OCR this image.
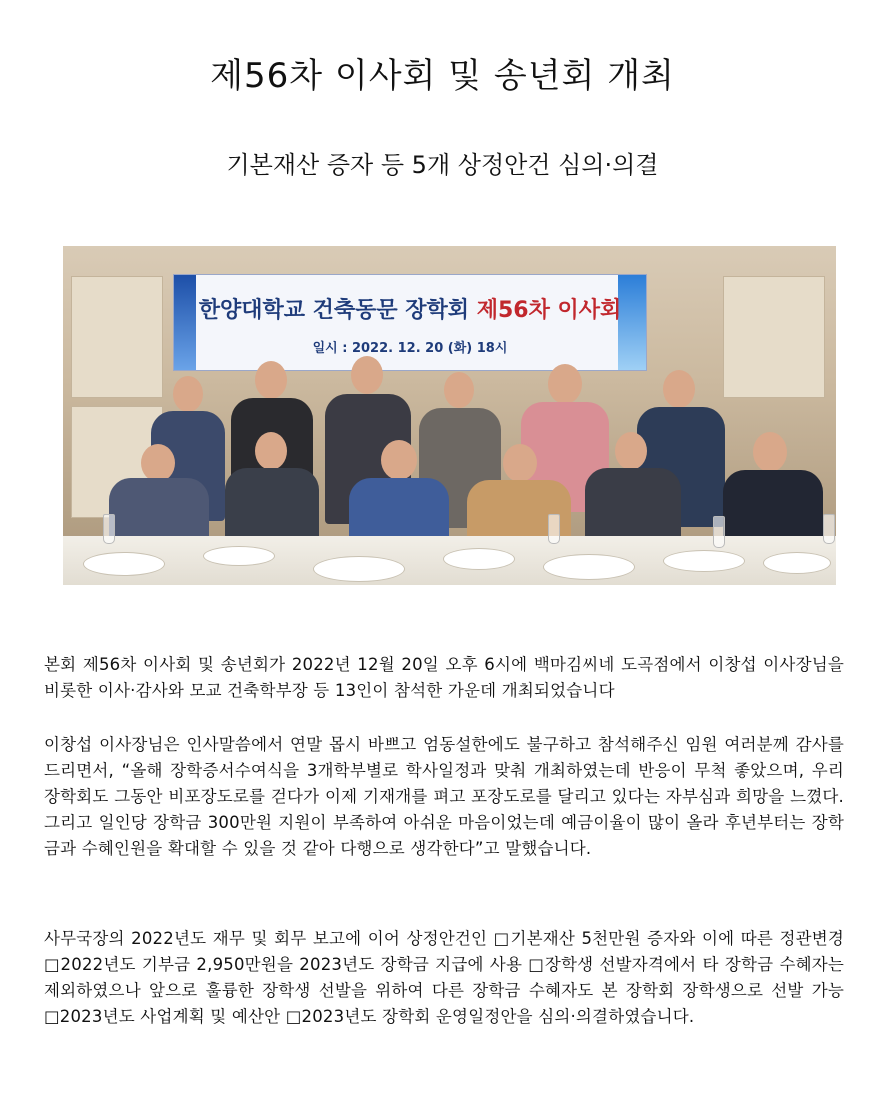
제56차 이사회 및 송년회 개최
기본재산 증자 등 5개 상정안건 심의·의결
한양대학교 건축동문 장학회 제56차 이사회
일시 : 2022. 12. 20 (화) 18시

본회 제56차 이사회 및 송년회가 2022년 12월 20일 오후 6시에 백마김씨네 도곡점에서 이창섭 이사장님을 비롯한 이사·감사와 모교 건축학부장 등 13인이 참석한 가운데 개최되었습니다

이창섭 이사장님은 인사말씀에서 연말 몹시 바쁘고 엄동설한에도 불구하고 참석해주신 임원 여러분께 감사를 드리면서, “올해 장학증서수여식을 3개학부별로 학사일정과 맞춰 개최하였는데 반응이 무척 좋았으며, 우리 장학회도 그동안 비포장도로를 걷다가 이제 기재개를 펴고 포장도로를 달리고 있다는 자부심과 희망을 느꼈다. 그리고 일인당 장학금 300만원 지원이 부족하여 아쉬운 마음이었는데 예금이율이 많이 올라 후년부터는 장학금과 수혜인원을 확대할 수 있을 것 같아 다행으로 생각한다”고 말했습니다.

사무국장의 2022년도 재무 및 회무 보고에 이어 상정안건인 □기본재산 5천만원 증자와 이에 따른 정관변경 □2022년도 기부금 2,950만원을 2023년도 장학금 지급에 사용 □장학생 선발자격에서 타 장학금 수혜자는 제외하였으나 앞으로 훌륭한 장학생 선발을 위하여 다른 장학금 수혜자도 본 장학회 장학생으로 선발 가능 □2023년도 사업계획 및 예산안 □2023년도 장학회 운영일정안을 심의·의결하였습니다.
